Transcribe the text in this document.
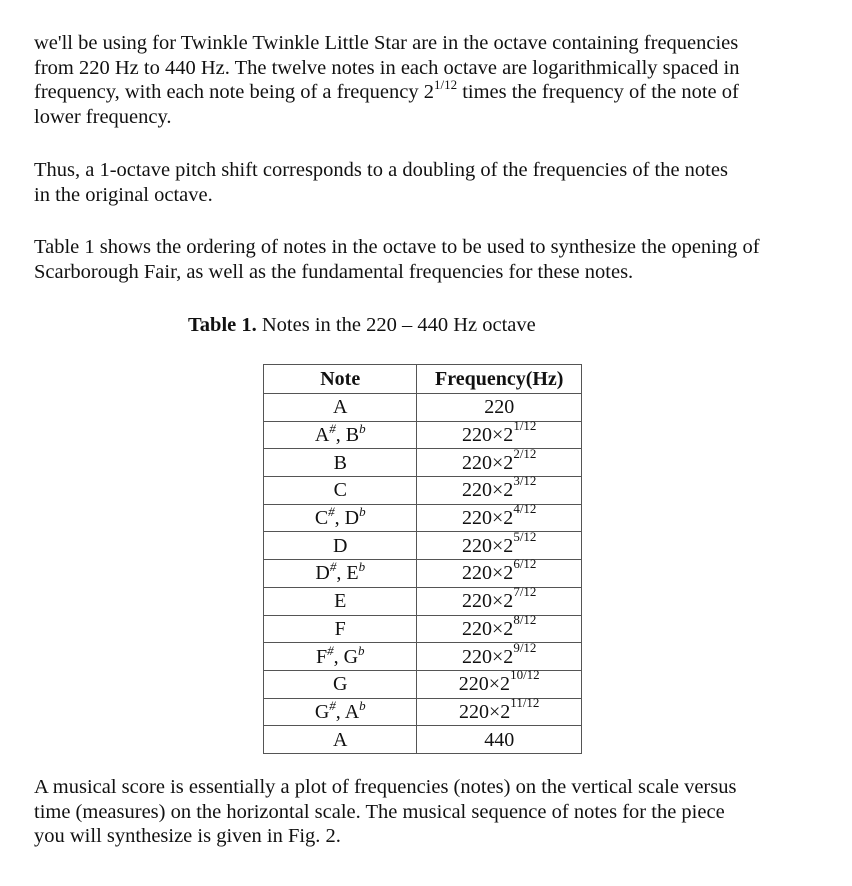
we'll be using for Twinkle Twinkle Little Star are in the octave containing frequencies
from 220 Hz to 440 Hz. The twelve notes in each octave are logarithmically spaced in
frequency, with each note being of a frequency $2^{1/12}$ times the frequency of the note of
lower frequency.

Thus, a 1-octave pitch shift corresponds to a doubling of the frequencies of the notes
in the original octave.

Table 1 shows the ordering of notes in the octave to be used to synthesize the opening of
Scarborough Fair, as well as the fundamental frequencies for these notes.

Table 1. Notes in the 220 – 440 Hz octave
Note	Frequency(Hz)
A	220
A#, $B^b$	$220\times 2^{1/12}$
B	$220\times 2^{2/12}$
C	$220\times 2^{3/12}$
C#, $D^b$	$220\times 2^{4/12}$
D	$220\times 2^{5/12}$
D#, $E^b$	$220\times 2^{6/12}$
E	$220\times 2^{7/12}$
F	$220\times 2^{8/12}$
F#, $G^b$	$220\times 2^{9/12}$
G	$220\times 2^{10/12}$
G#, $A^b$	$220\times 2^{11/12}$
A	440

A musical score is essentially a plot of frequencies (notes) on the vertical scale versus
time (measures) on the horizontal scale. The musical sequence of notes for the piece
you will synthesize is given in Fig. 2.
